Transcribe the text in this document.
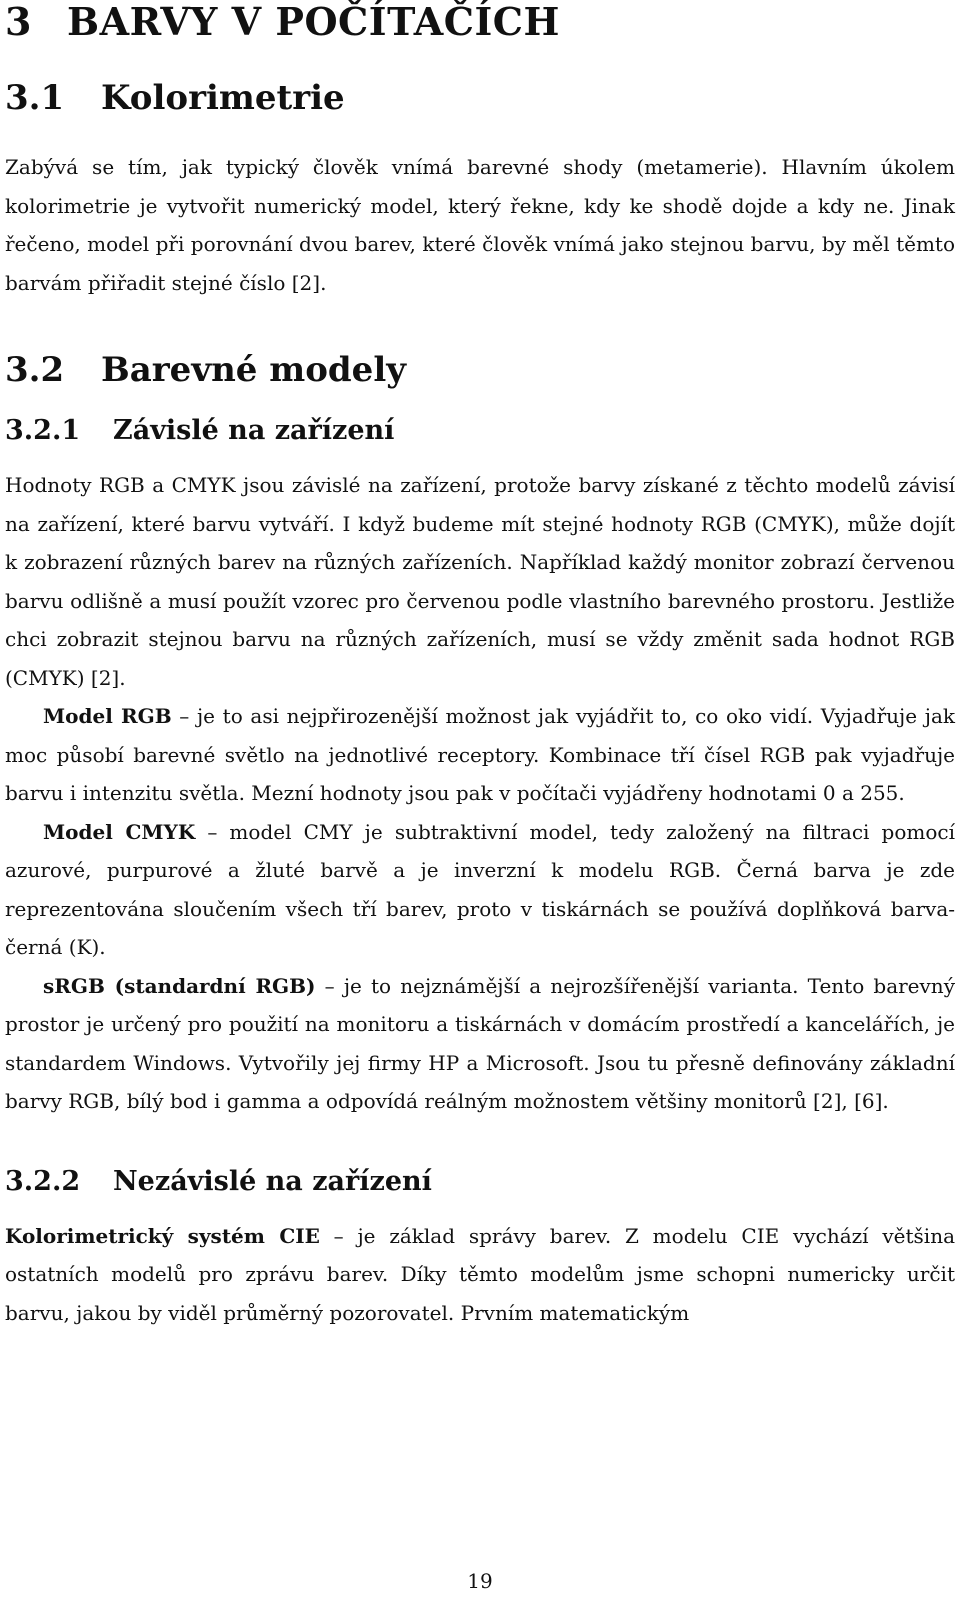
3 BARVY V POČÍTAČÍCH
3.1 Kolorimetrie

Zabývá se tím, jak typický člověk vnímá barevné shody (metamerie). Hlavním úkolem kolorimetrie je vytvořit numerický model, který řekne, kdy ke shodě dojde a kdy ne. Jinak řečeno, model při porovnání dvou barev, které člověk vnímá jako stejnou barvu, by měl těmto barvám přiřadit stejné číslo [2].

3.2 Barevné modely
3.2.1 Závislé na zařízení

Hodnoty RGB a CMYK jsou závislé na zařízení, protože barvy získané z těchto modelů závisí na zařízení, které barvu vytváří. I když budeme mít stejné hodnoty RGB (CMYK), může dojít k zobrazení různých barev na různých zařízeních. Například každý monitor zobrazí červenou barvu odlišně a musí použít vzorec pro červenou podle vlastního barevného prostoru. Jestliže chci zobrazit stejnou barvu na různých zařízeních, musí se vždy změnit sada hodnot RGB (CMYK) [2].

Model RGB – je to asi nejpřirozenější možnost jak vyjádřit to, co oko vidí. Vyjadřuje jak moc působí barevné světlo na jednotlivé receptory. Kombinace tří čísel RGB pak vyjadřuje barvu i intenzitu světla. Mezní hodnoty jsou pak v počítači vyjádřeny hodnotami 0 a 255.

Model CMYK – model CMY je subtraktivní model, tedy založený na filtraci pomocí azurové, purpurové a žluté barvě a je inverzní k modelu RGB. Černá barva je zde reprezentována sloučením všech tří barev, proto v tiskárnách se používá doplňková barva- černá (K).

sRGB (standardní RGB) – je to nejznámější a nejrozšířenější varianta. Tento barevný prostor je určený pro použití na monitoru a tiskárnách v domácím prostředí a kancelářích, je standardem Windows. Vytvořily jej firmy HP a Microsoft. Jsou tu přesně definovány základní barvy RGB, bílý bod i gamma a odpovídá reálným možnostem většiny monitorů [2], [6].

3.2.2 Nezávislé na zařízení

Kolorimetrický systém CIE – je základ správy barev. Z modelu CIE vychází většina ostatních modelů pro zprávu barev. Díky těmto modelům jsme schopni numericky určit barvu, jakou by viděl průměrný pozorovatel. Prvním matematickým

19
